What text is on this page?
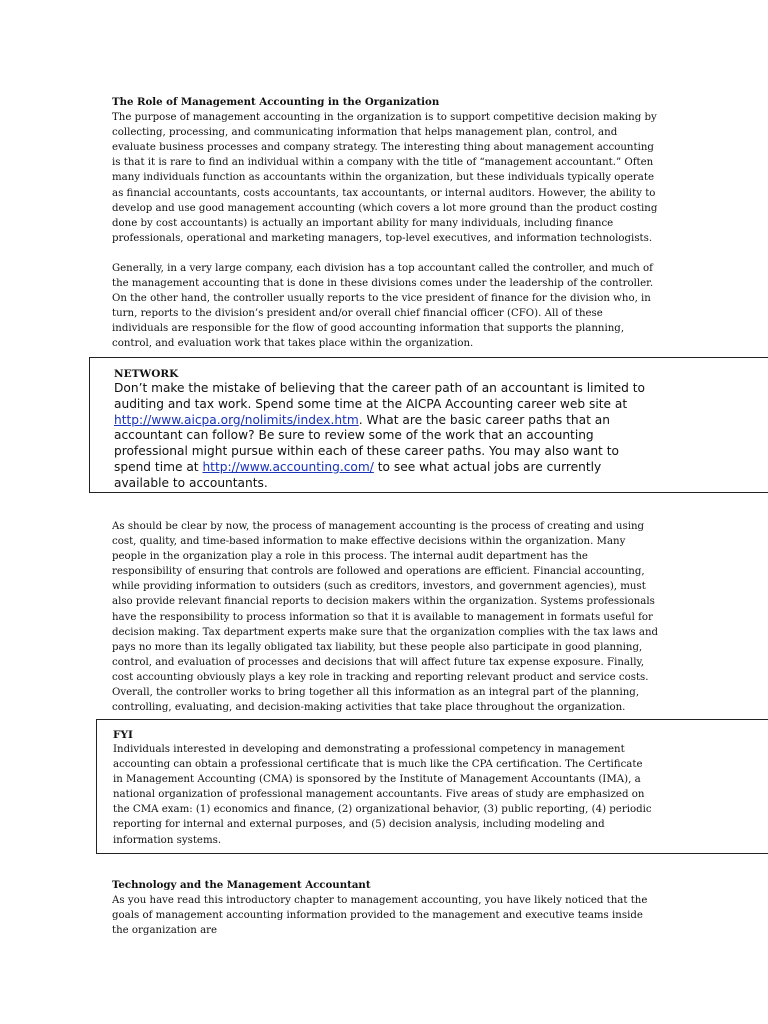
The Role of Management Accounting in the Organization

The purpose of management accounting in the organization is to support competitive decision making by collecting, processing, and communicating information that helps management plan, control, and evaluate business processes and company strategy. The interesting thing about management accounting is that it is rare to find an individual within a company with the title of “management accountant.” Often many individuals function as accountants within the organization, but these individuals typically operate as financial accountants, costs accountants, tax accountants, or internal auditors. However, the ability to develop and use good management accounting (which covers a lot more ground than the product costing done by cost accountants) is actually an important ability for many individuals, including finance professionals, operational and marketing managers, top-level executives, and information technologists.

Generally, in a very large company, each division has a top accountant called the controller, and much of the management accounting that is done in these divisions comes under the leadership of the controller. On the other hand, the controller usually reports to the vice president of finance for the division who, in turn, reports to the division’s president and/or overall chief financial officer (CFO). All of these individuals are responsible for the flow of good accounting information that supports the planning, control, and evaluation work that takes place within the organization.

NETWORK

Don’t make the mistake of believing that the career path of an accountant is limited to auditing and tax work. Spend some time at the AICPA Accounting career web site at http://www.aicpa.org/nolimits/index.htm. What are the basic career paths that an accountant can follow? Be sure to review some of the work that an accounting professional might pursue within each of these career paths. You may also want to spend time at http://www.accounting.com/ to see what actual jobs are currently available to accountants.

As should be clear by now, the process of management accounting is the process of creating and using cost, quality, and time-based information to make effective decisions within the organization. Many people in the organization play a role in this process. The internal audit department has the responsibility of ensuring that controls are followed and operations are efficient. Financial accounting, while providing information to outsiders (such as creditors, investors, and government agencies), must also provide relevant financial reports to decision makers within the organization. Systems professionals have the responsibility to process information so that it is available to management in formats useful for decision making. Tax department experts make sure that the organization complies with the tax laws and pays no more than its legally obligated tax liability, but these people also participate in good planning, control, and evaluation of processes and decisions that will affect future tax expense exposure. Finally, cost accounting obviously plays a key role in tracking and reporting relevant product and service costs. Overall, the controller works to bring together all this information as an integral part of the planning, controlling, evaluating, and decision-making activities that take place throughout the organization.

FYI

Individuals interested in developing and demonstrating a professional competency in management accounting can obtain a professional certificate that is much like the CPA certification. The Certificate in Management Accounting (CMA) is sponsored by the Institute of Management Accountants (IMA), a national organization of professional management accountants. Five areas of study are emphasized on the CMA exam: (1) economics and finance, (2) organizational behavior, (3) public reporting, (4) periodic reporting for internal and external purposes, and (5) decision analysis, including modeling and information systems.

Technology and the Management Accountant

As you have read this introductory chapter to management accounting, you have likely noticed that the goals of management accounting information provided to the management and executive teams inside the organization are
